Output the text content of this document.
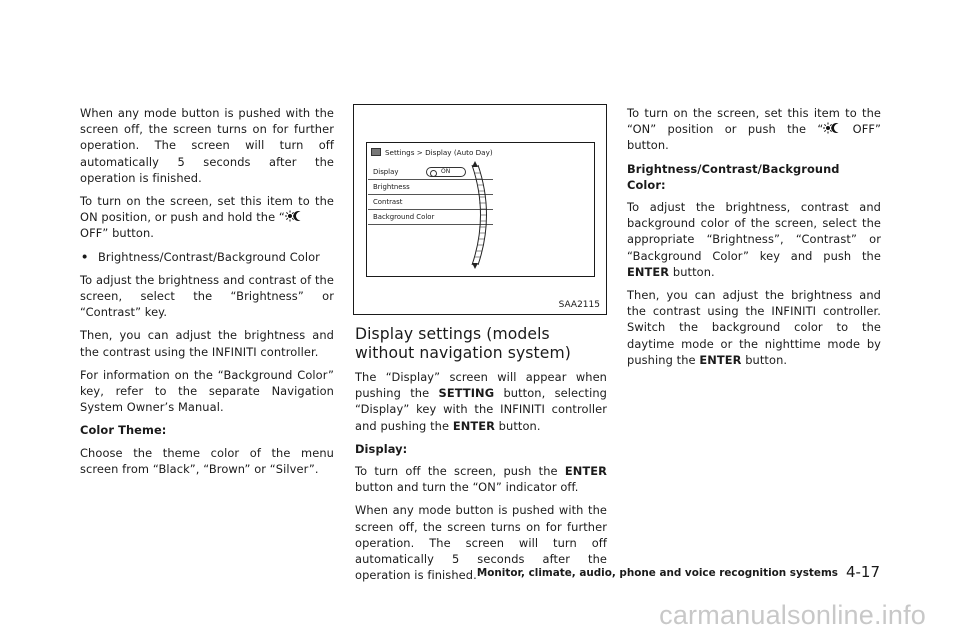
When any mode button is pushed with the screen off, the screen turns on for further operation. The screen will turn off automatically 5 seconds after the operation is finished.

To turn on the screen, set this item to the ON position, or push and hold the “
OFF” button.

• Brightness/Contrast/Background Color

To adjust the brightness and contrast of the screen, select the “Brightness” or “Contrast” key.

Then, you can adjust the brightness and the contrast using the INFINITI controller.

For information on the “Background Color” key, refer to the separate Navigation System Owner’s Manual.

Color Theme:

Choose the theme color of the menu screen from “Black”, “Brown” or “Silver”.

Settings > Display (Auto Day)
Display	ON
Brightness
Contrast
Background Color
SAA2115
Display settings (models without navigation system)

The “Display” screen will appear when pushing the SETTING button, selecting “Display” key with the INFINITI controller and pushing the ENTER button.

Display:

To turn off the screen, push the ENTER button and turn the “ON” indicator off.

When any mode button is pushed with the screen off, the screen turns on for further operation. The screen will turn off automatically 5 seconds after the operation is finished.

To turn on the screen, set this item to the “ON” position or push the “	OFF” button.

Brightness/Contrast/Background Color:

To adjust the brightness, contrast and background color of the screen, select the appropriate “Brightness”, “Contrast” or “Background Color” key and push the ENTER button.

Then, you can adjust the brightness and the contrast using the INFINITI controller. Switch the background color to the daytime mode or the nighttime mode by pushing the ENTER button.

Monitor, climate, audio, phone and voice recognition systems 4-17
carmanualsonline.info
